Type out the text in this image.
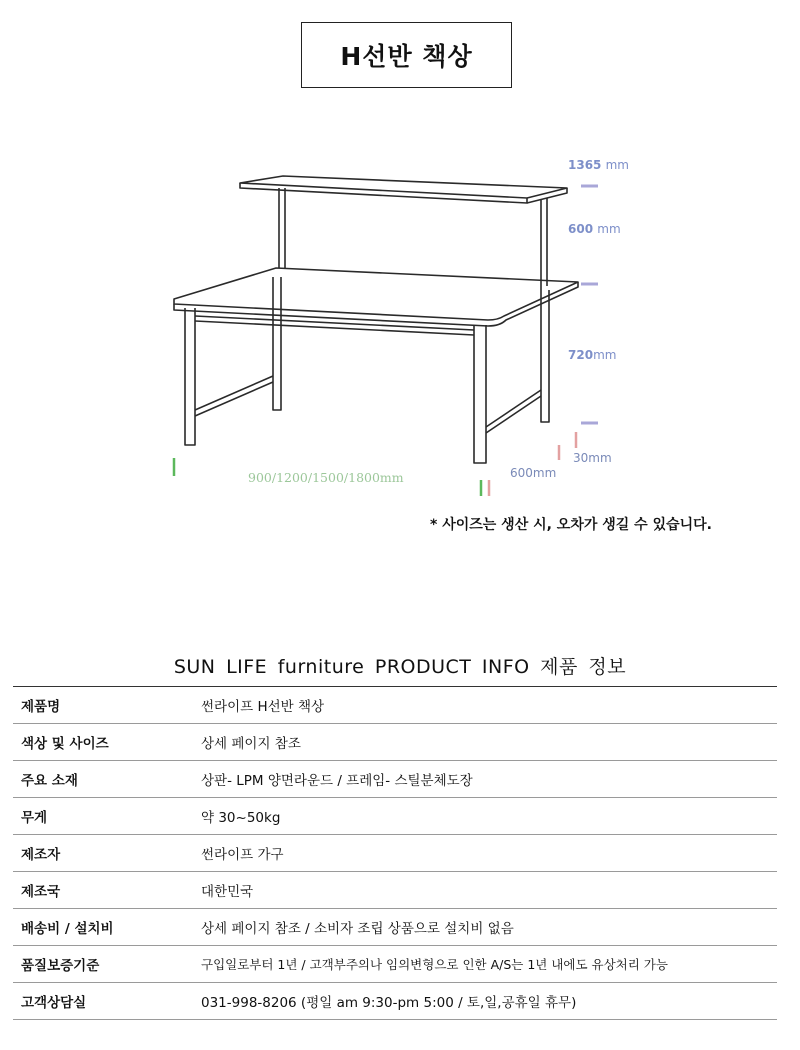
H선반 책상
1365 mm
600 mm
720mm
900/1200/1500/1800mm	600mm
30mm
* 사이즈는 생산 시, 오차가 생길 수 있습니다.
SUN LIFE furniture PRODUCT INFO 제품 정보
제품명	썬라이프 H선반 책상
색상 및 사이즈	상세 페이지 참조
주요 소재	상판- LPM 양면라운드 / 프레임- 스틸분체도장
무게	약 30~50kg
제조자	썬라이프 가구
제조국	대한민국
배송비 / 설치비	상세 페이지 참조 / 소비자 조립 상품으로 설치비 없음
품질보증기준	구입일로부터 1년 / 고객부주의나 임의변형으로 인한 A/S는 1년 내에도 유상처리 가능
고객상담실	031-998-8206 (평일 am 9:30-pm 5:00 / 토,일,공휴일 휴무)
